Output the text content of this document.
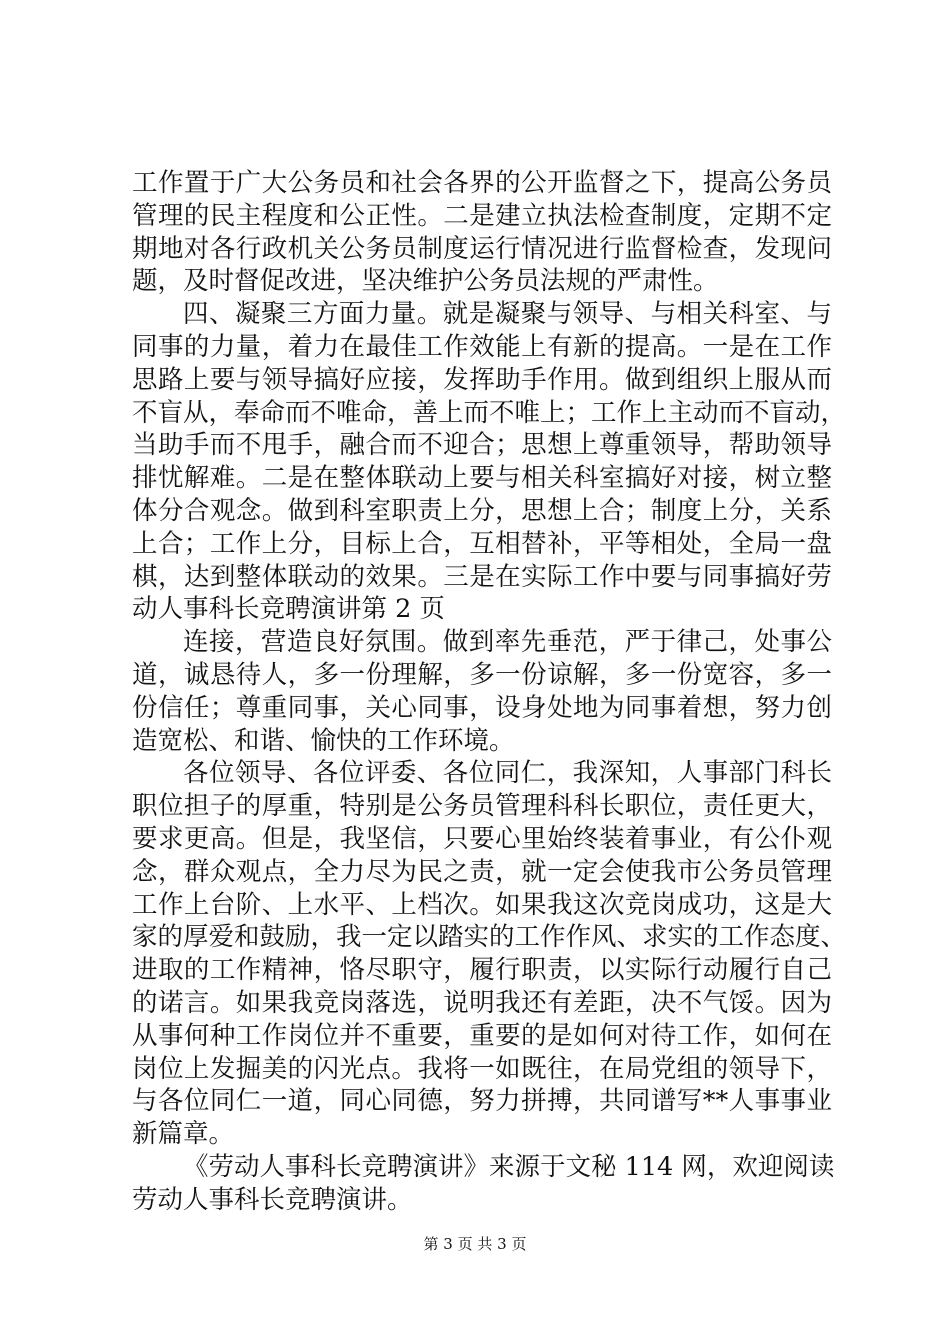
工作置于广大公务员和社会各界的公开监督之下，提高公务员
管理的民主程度和公正性。二是建立执法检查制度，定期不定
期地对各行政机关公务员制度运行情况进行监督检查，发现问
题，及时督促改进，坚决维护公务员法规的严肃性。
四、凝聚三方面力量。就是凝聚与领导、与相关科室、与
同事的力量，着力在最佳工作效能上有新的提高。一是在工作
思路上要与领导搞好应接，发挥助手作用。做到组织上服从而
不盲从，奉命而不唯命，善上而不唯上；工作上主动而不盲动，
当助手而不甩手，融合而不迎合；思想上尊重领导，帮助领导
排忧解难。二是在整体联动上要与相关科室搞好对接，树立整
体分合观念。做到科室职责上分，思想上合；制度上分，关系
上合；工作上分，目标上合，互相替补，平等相处，全局一盘
棋，达到整体联动的效果。三是在实际工作中要与同事搞好劳
动人事科长竞聘演讲第 2 页
连接，营造良好氛围。做到率先垂范，严于律己，处事公
道，诚恳待人，多一份理解，多一份谅解，多一份宽容，多一
份信任；尊重同事，关心同事，设身处地为同事着想，努力创
造宽松、和谐、愉快的工作环境。
各位领导、各位评委、各位同仁，我深知，人事部门科长
职位担子的厚重，特别是公务员管理科科长职位，责任更大，
要求更高。但是，我坚信，只要心里始终装着事业，有公仆观
念，群众观点，全力尽为民之责，就一定会使我市公务员管理
工作上台阶、上水平、上档次。如果我这次竞岗成功，这是大
家的厚爱和鼓励，我一定以踏实的工作作风、求实的工作态度、
进取的工作精神，恪尽职守，履行职责，以实际行动履行自己
的诺言。如果我竞岗落选，说明我还有差距，决不气馁。因为
从事何种工作岗位并不重要，重要的是如何对待工作，如何在
岗位上发掘美的闪光点。我将一如既往，在局党组的领导下，
与各位同仁一道，同心同德，努力拼搏，共同谱写**人事事业
新篇章。
《劳动人事科长竞聘演讲》来源于文秘 114 网，欢迎阅读
劳动人事科长竞聘演讲。
第 3 页 共 3 页
